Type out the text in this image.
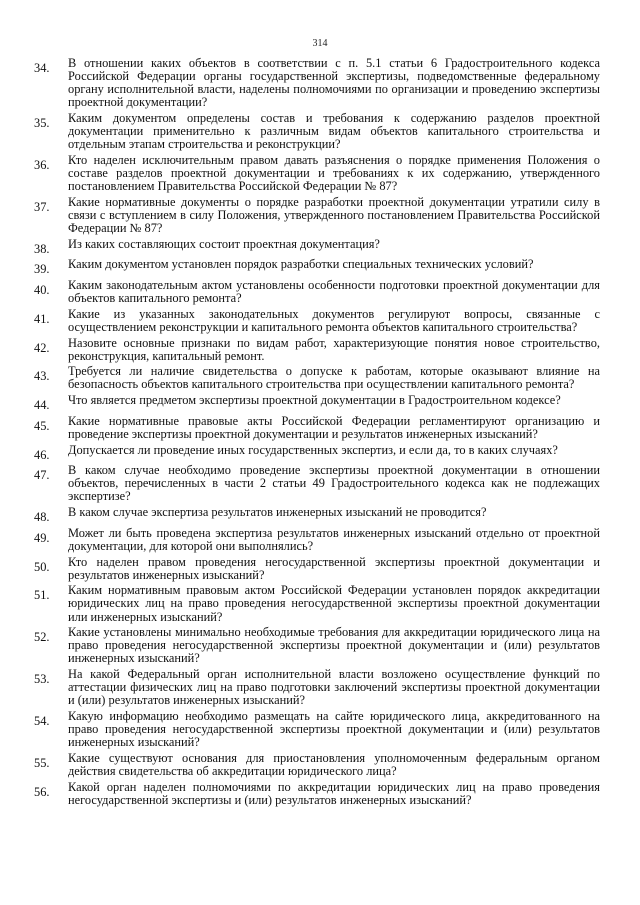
314
34.	В отношении каких объектов в соответствии с п. 5.1 статьи 6 Градостроительного кодекса Российской Федерации органы государственной экспертизы, подведомственные федеральному органу исполнительной власти, наделены полномочиями по организации и проведению экспертизы проектной документации?
35.	Каким документом определены состав и требования к содержанию разделов проектной документации применительно к различным видам объектов капитального строительства и отдельным этапам строительства и реконструкции?
36.	Кто наделен исключительным правом давать разъяснения о порядке применения Положения о составе разделов проектной документации и требованиях к их содержанию, утвержденного постановлением Правительства Российской Федерации № 87?
37.	Какие нормативные документы о порядке разработки проектной документации утратили силу в связи с вступлением в силу Положения, утвержденного постановлением Правительства Российской Федерации № 87?
38.	Из каких составляющих состоит проектная документация?
39.	Каким документом установлен порядок разработки специальных технических условий?
40.	Каким законодательным актом установлены особенности подготовки проектной документации для объектов капитального ремонта?
41.	Какие из указанных законодательных документов регулируют вопросы, связанные с осуществлением реконструкции и капитального ремонта объектов капитального строительства?
42.	Назовите основные признаки по видам работ, характеризующие понятия новое строительство, реконструкция, капитальный ремонт.
43.	Требуется ли наличие свидетельства о допуске к работам, которые оказывают влияние на безопасность объектов капитального строительства при осуществлении капитального ремонта?
44.	Что является предметом экспертизы проектной документации в Градостроительном кодексе?
45.	Какие нормативные правовые акты Российской Федерации регламентируют организацию и проведение экспертизы проектной документации и результатов инженерных изысканий?
46.	Допускается ли проведение иных государственных экспертиз, и если да, то в каких случаях?
47.	В каком случае необходимо проведение экспертизы проектной документации в отношении объектов, перечисленных в части 2 статьи 49 Градостроительного кодекса как не подлежащих экспертизе?
48.	В каком случае экспертиза результатов инженерных изысканий не проводится?
49.	Может ли быть проведена экспертиза результатов инженерных изысканий отдельно от проектной документации, для которой они выполнялись?
50.	Кто наделен правом проведения негосударственной экспертизы проектной документации и результатов инженерных изысканий?
51.	Каким нормативным правовым актом Российской Федерации установлен порядок аккредитации юридических лиц на право проведения негосударственной экспертизы проектной документации или инженерных изысканий?
52.	Какие установлены минимально необходимые требования для аккредитации юридического лица на право проведения негосударственной экспертизы проектной документации и (или) результатов инженерных изысканий?
53.	На какой Федеральный орган исполнительной власти возложено осуществление функций по аттестации физических лиц на право подготовки заключений экспертизы проектной документации и (или) результатов инженерных изысканий?
54.	Какую информацию необходимо размещать на сайте юридического лица, аккредитованного на право проведения негосударственной экспертизы проектной документации и (или) результатов инженерных изысканий?
55.	Какие существуют основания для приостановления уполномоченным федеральным органом действия свидетельства об аккредитации юридического лица?
56.	Какой орган наделен полномочиями по аккредитации юридических лиц на право проведения негосударственной экспертизы и (или) результатов инженерных изысканий?
